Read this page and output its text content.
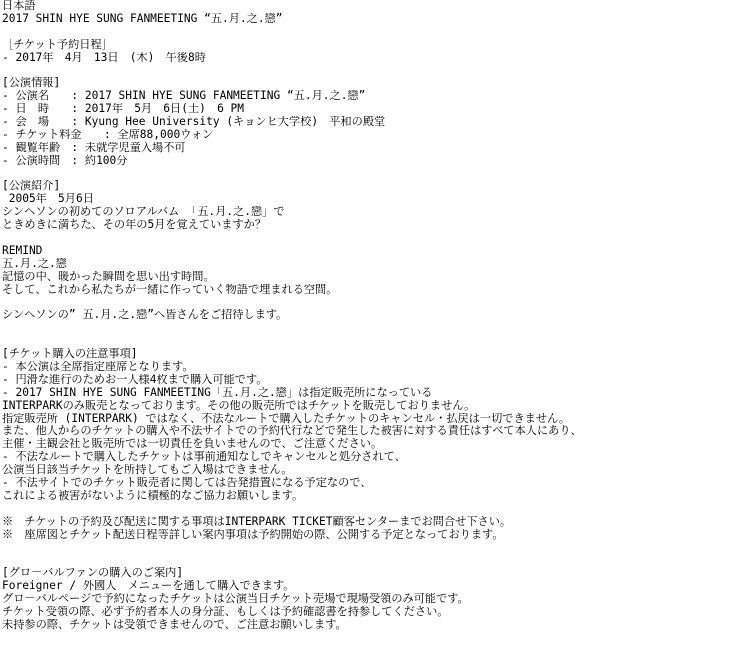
日本語
2017 SHIN HYE SUNG FANMEETING “五.月.之.戀”
［チケット予約日程］
- 2017年　4月　13日　(木)　午後8時
[公演情報]
- 公演名　　: 2017 SHIN HYE SUNG FANMEETING “五.月.之.戀”
- 日　時　　: 2017年　5月　6日(土)　6 PM
- 会　場　　: Kyung Hee University (キョンヒ大学校)　平和の殿堂
- チケット料金　　: 全席88,000ウォン
- 観覧年齢　: 未就学児童入場不可
- 公演時間　: 約100分
[公演紹介]
2005年　5月6日
シンヘソンの初めてのソロアルバム 「五.月.之.戀」で
ときめきに満ちた、その年の5月を覚えていますか？
REMIND
五.月.之.戀
記憶の中、暖かった瞬間を思い出す時間。
そして、これから私たちが一緒に作っていく物語で埋まれる空間。
シンヘソンの” 五.月.之.戀”へ皆さんをご招待します。
[チケット購入の注意事項]
- 本公演は全席指定座席となります。
- 円滑な進行のためお一人様4枚まで購入可能です。
- 2017 SHIN HYE SUNG FANMEETING「五.月.之.戀」は指定販売所になっている
INTERPARKのみ販売となっております。その他の販売所ではチケットを販売しておりません。
指定販売所 (INTERPARK) ではなく、不法なルートで購入したチケットのキャンセル・払戻は一切できません。
また、他人からのチケットの購入や不法サイトでの予約代行などで発生した被害に対する責任はすべて本人にあり、
主催・主観会社と販売所では一切責任を負いませんので、ご注意ください。
- 不法なルートで購入したチケットは事前通知なしでキャンセルと処分されて、
公演当日該当チケットを所持してもご入場はできません。
- 不法サイトでのチケット販売者に関しては告発措置になる予定なので、
これによる被害がないように積極的なご協力お願いします。
※　チケットの予約及び配送に関する事項はINTERPARK TICKET顧客センターまでお問合せ下さい。
※　座席図とチケット配送日程等詳しい案内事項は予約開始の際、公開する予定となっております。
[グロ－バルファンの購入のご案内]
Foreigner / 外國人　メニューを通して購入できます。
グロ－バルページで予約になったチケットは公演当日チケット売場で現場受領のみ可能です。
チケット受領の際、必ず予約者本人の身分証、もしくは予約確認書を持参してください。
未持参の際、チケットは受領できませんので、ご注意お願いします。
